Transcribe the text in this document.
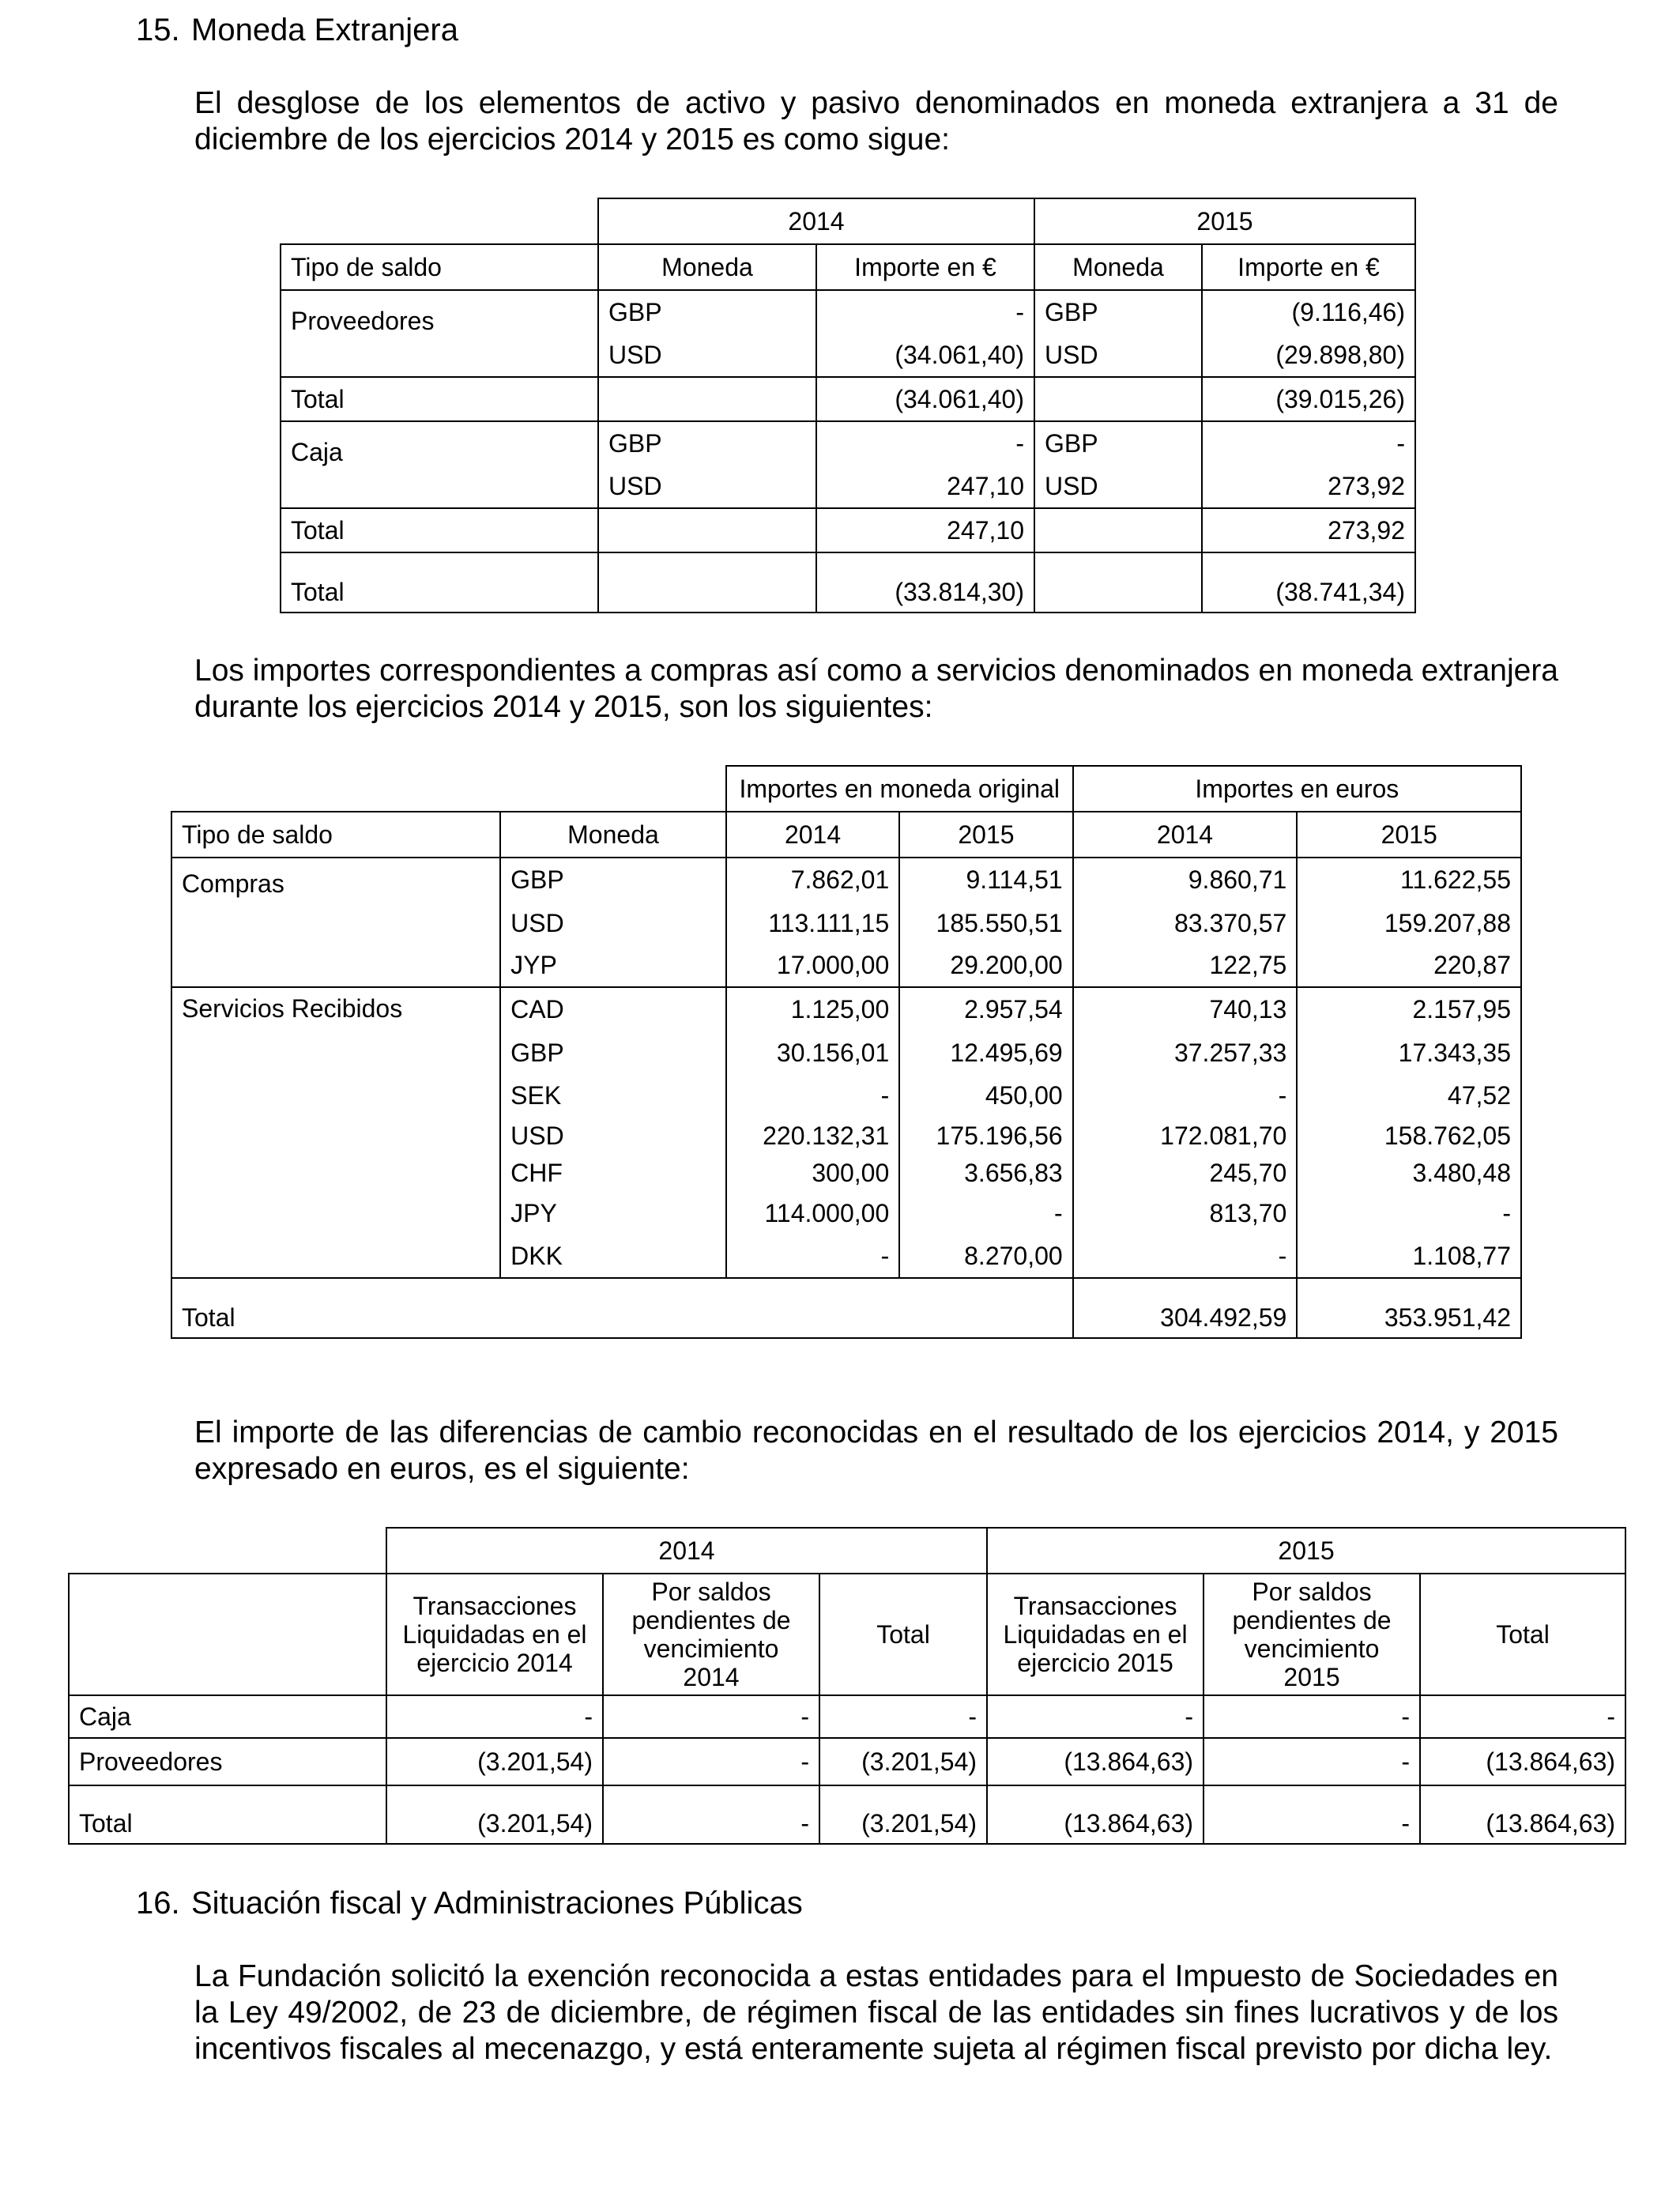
15. Moneda Extranjera
El desglose de los elementos de activo y pasivo denominados en moneda extranjera a 31 de diciembre de los ejercicios 2014 y 2015 es como sigue:
	2014		2015	
Tipo de saldo	Moneda	Importe en €	Moneda	Importe en €
Proveedores	GBP	-	GBP	(9.116,46)
	USD	(34.061,40)	USD	(29.898,80)
Total		(34.061,40)		(39.015,26)
Caja	GBP	-	GBP	-
	USD	247,10	USD	273,92
Total		247,10		273,92
Total		(33.814,30)		(38.741,34)
Los importes correspondientes a compras así como a servicios denominados en moneda extranjera durante los ejercicios 2014 y 2015, son los siguientes:
		Importes en moneda original		Importes en euros	
Tipo de saldo	Moneda	2014	2015	2014	2015
Compras	GBP	7.862,01	9.114,51	9.860,71	11.622,55
	USD	113.111,15	185.550,51	83.370,57	159.207,88
	JYP	17.000,00	29.200,00	122,75	220,87
Servicios Recibidos	CAD	1.125,00	2.957,54	740,13	2.157,95
	GBP	30.156,01	12.495,69	37.257,33	17.343,35
	SEK	-	450,00	-	47,52
	USD	220.132,31	175.196,56	172.081,70	158.762,05
	CHF	300,00	3.656,83	245,70	3.480,48
	JPY	114.000,00	-	813,70	-
	DKK	-	8.270,00	-	1.108,77
Total				304.492,59	353.951,42
El importe de las diferencias de cambio reconocidas en el resultado de los ejercicios 2014, y 2015 expresado en euros, es el siguiente:
	2014			2015		
	Transacciones Liquidadas en el ejercicio 2014	Por saldos pendientes de vencimiento 2014	Total	Transacciones Liquidadas en el ejercicio 2015	Por saldos pendientes de vencimiento 2015	Total
Caja	-	-	-	-	-	-
Proveedores	(3.201,54)	-	(3.201,54)	(13.864,63)	-	(13.864,63)
Total	(3.201,54)	-	(3.201,54)	(13.864,63)	-	(13.864,63)
16. Situación fiscal y Administraciones Públicas
La Fundación solicitó la exención reconocida a estas entidades para el Impuesto de Sociedades en la Ley 49/2002, de 23 de diciembre, de régimen fiscal de las entidades sin fines lucrativos y de los incentivos fiscales al mecenazgo, y está enteramente sujeta al régimen fiscal previsto por dicha ley.
